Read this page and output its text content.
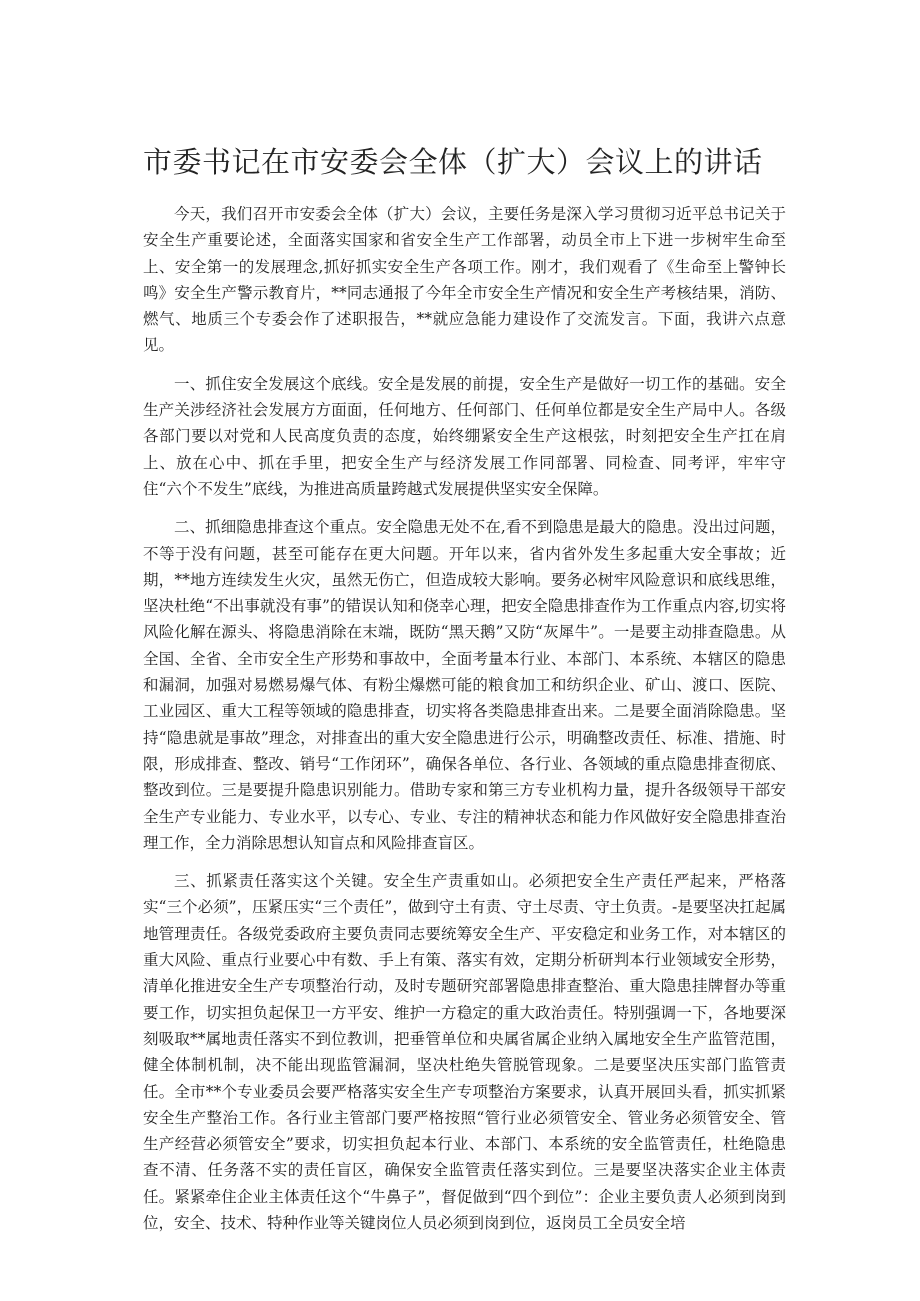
市委书记在市安委会全体（扩大）会议上的讲话

今天，我们召开市安委会全体（扩大）会议，主要任务是深入学习贯彻习近平总书记关于安全生产重要论述，全面落实国家和省安全生产工作部署，动员全市上下进一步树牢生命至上、安全第一的发展理念,抓好抓实安全生产各项工作。刚才，我们观看了《生命至上警钟长鸣》安全生产警示教育片，**同志通报了今年全市安全生产情况和安全生产考核结果，消防、燃气、地质三个专委会作了述职报告，**就应急能力建设作了交流发言。下面，我讲六点意见。

一、抓住安全发展这个底线。安全是发展的前提，安全生产是做好一切工作的基础。安全生产关涉经济社会发展方方面面，任何地方、任何部门、任何单位都是安全生产局中人。各级各部门要以对党和人民高度负责的态度，始终绷紧安全生产这根弦，时刻把安全生产扛在肩上、放在心中、抓在手里，把安全生产与经济发展工作同部署、同检查、同考评，牢牢守住“六个不发生”底线，为推进高质量跨越式发展提供坚实安全保障。

二、抓细隐患排查这个重点。安全隐患无处不在,看不到隐患是最大的隐患。没出过问题，不等于没有问题，甚至可能存在更大问题。开年以来，省内省外发生多起重大安全事故；近期，**地方连续发生火灾，虽然无伤亡，但造成较大影响。要务必树牢风险意识和底线思维，坚决杜绝“不出事就没有事”的错误认知和侥幸心理，把安全隐患排查作为工作重点内容,切实将风险化解在源头、将隐患消除在末端，既防“黑天鹅”又防“灰犀牛”。一是要主动排查隐患。从全国、全省、全市安全生产形势和事故中，全面考量本行业、本部门、本系统、本辖区的隐患和漏洞，加强对易燃易爆气体、有粉尘爆燃可能的粮食加工和纺织企业、矿山、渡口、医院、工业园区、重大工程等领域的隐患排查，切实将各类隐患排查出来。二是要全面消除隐患。坚持“隐患就是事故”理念，对排查出的重大安全隐患进行公示，明确整改责任、标准、措施、时限，形成排查、整改、销号“工作闭环”，确保各单位、各行业、各领域的重点隐患排查彻底、整改到位。三是要提升隐患识别能力。借助专家和第三方专业机构力量，提升各级领导干部安全生产专业能力、专业水平，以专心、专业、专注的精神状态和能力作风做好安全隐患排查治理工作，全力消除思想认知盲点和风险排查盲区。

三、抓紧责任落实这个关键。安全生产责重如山。必须把安全生产责任严起来，严格落实“三个必须”，压紧压实“三个责任”，做到守土有责、守土尽责、守土负责。-是要坚决扛起属地管理责任。各级党委政府主要负责同志要统筹安全生产、平安稳定和业务工作，对本辖区的重大风险、重点行业要心中有数、手上有策、落实有效，定期分析研判本行业领域安全形势，清单化推进安全生产专项整治行动，及时专题研究部署隐患排查整治、重大隐患挂牌督办等重要工作，切实担负起保卫一方平安、维护一方稳定的重大政治责任。特别强调一下，各地要深刻吸取**属地责任落实不到位教训，把垂管单位和央属省属企业纳入属地安全生产监管范围，健全体制机制，决不能出现监管漏洞，坚决杜绝失管脱管现象。二是要坚决压实部门监管责任。全市**个专业委员会要严格落实安全生产专项整治方案要求，认真开展回头看，抓实抓紧安全生产整治工作。各行业主管部门要严格按照“管行业必须管安全、管业务必须管安全、管生产经营必须管安全”要求，切实担负起本行业、本部门、本系统的安全监管责任，杜绝隐患查不清、任务落不实的责任盲区，确保安全监管责任落实到位。三是要坚决落实企业主体责任。紧紧牵住企业主体责任这个“牛鼻子”，督促做到“四个到位”：企业主要负责人必须到岗到位，安全、技术、特种作业等关键岗位人员必须到岗到位，返岗员工全员安全培
